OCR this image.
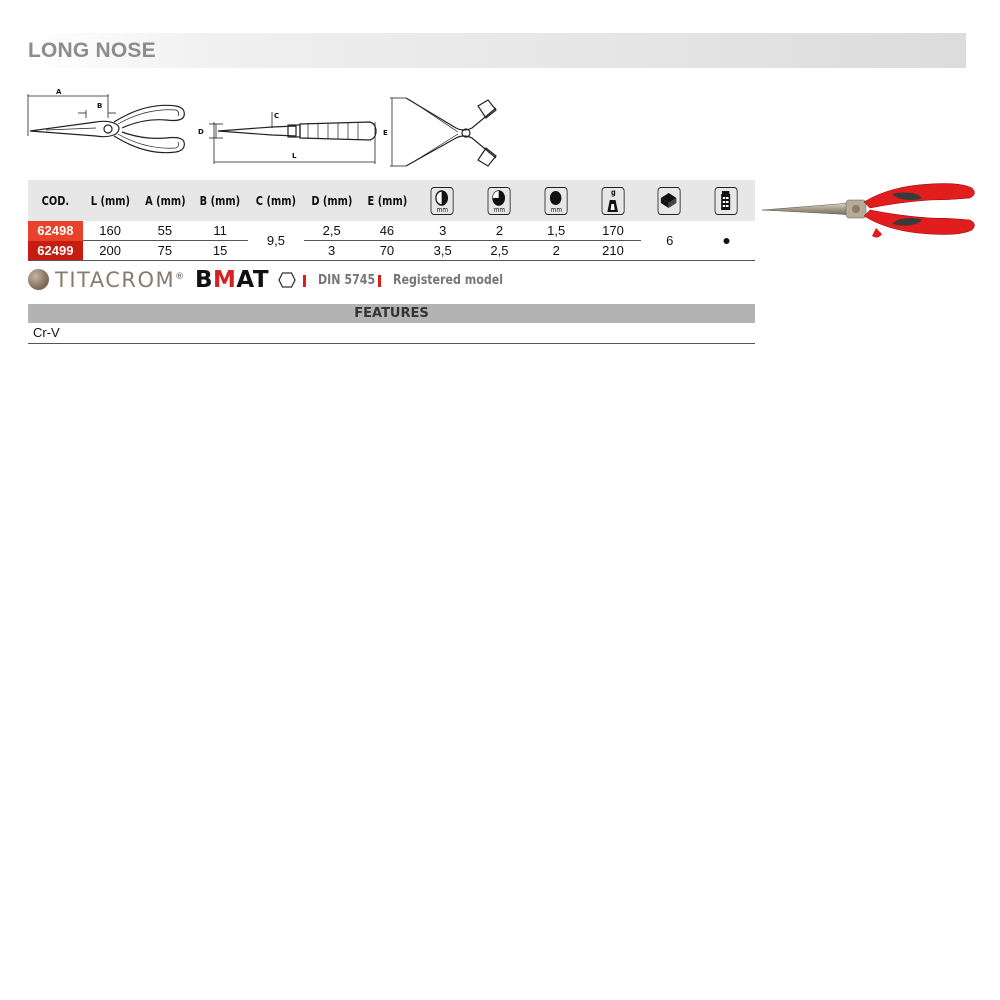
LONG NOSE
A
B
C
D
L
E
COD.	L (mm)	A (mm)	B (mm)	C (mm)	D (mm)	E (mm)	mm	mm	mm	g

62498	160	55	11	9,5	2,5	46	3	2	1,5	170	6	●
62499	200	75	15		3	70	3,5	2,5	2	210		
TITACROM® BMAT	DIN 5745 Registered model
FEATURES
Cr-V
